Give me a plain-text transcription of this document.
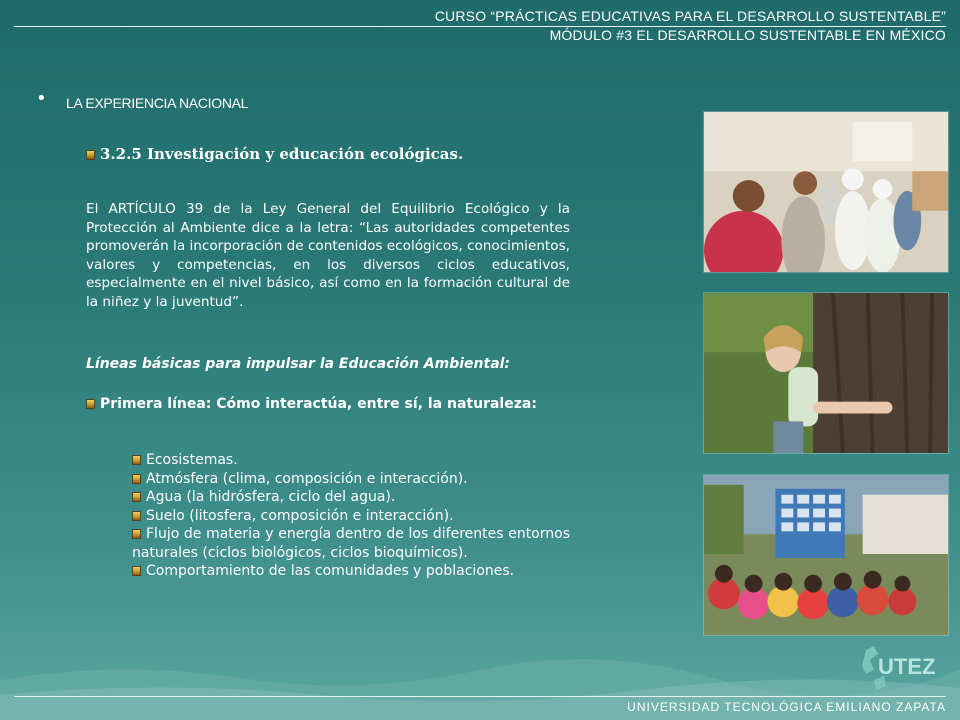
CURSO “PRÁCTICAS EDUCATIVAS PARA EL DESARROLLO SUSTENTABLE”
MÓDULO #3 EL DESARROLLO SUSTENTABLE EN MÉXICO
• LA EXPERIENCIA NACIONAL
3.2.5 Investigación y educación ecológicas.
El ARTÍCULO 39 de la Ley General del Equilibrio Ecológico y la Protección al Ambiente dice a la letra: “Las autoridades competentes promoverán la incorporación de contenidos ecológicos, conocimientos, valores y competencias, en los diversos ciclos educativos, especialmente en el nivel básico, así como en la formación cultural de la niñez y la juventud”.
Líneas básicas para impulsar la Educación Ambiental:
Primera línea: Cómo interactúa, entre sí, la naturaleza:
Ecosistemas.
Atmósfera (clima, composición e interacción).
Agua (la hidrósfera, ciclo del agua).
Suelo (litosfera, composición e interacción).
Flujo de materia y energía dentro de los diferentes entornos naturales (ciclos biológicos, ciclos bioquímicos).
Comportamiento de las comunidades y poblaciones.
UTEZ
UNIVERSIDAD TECNOLÓGICA EMILIANO ZAPATA
